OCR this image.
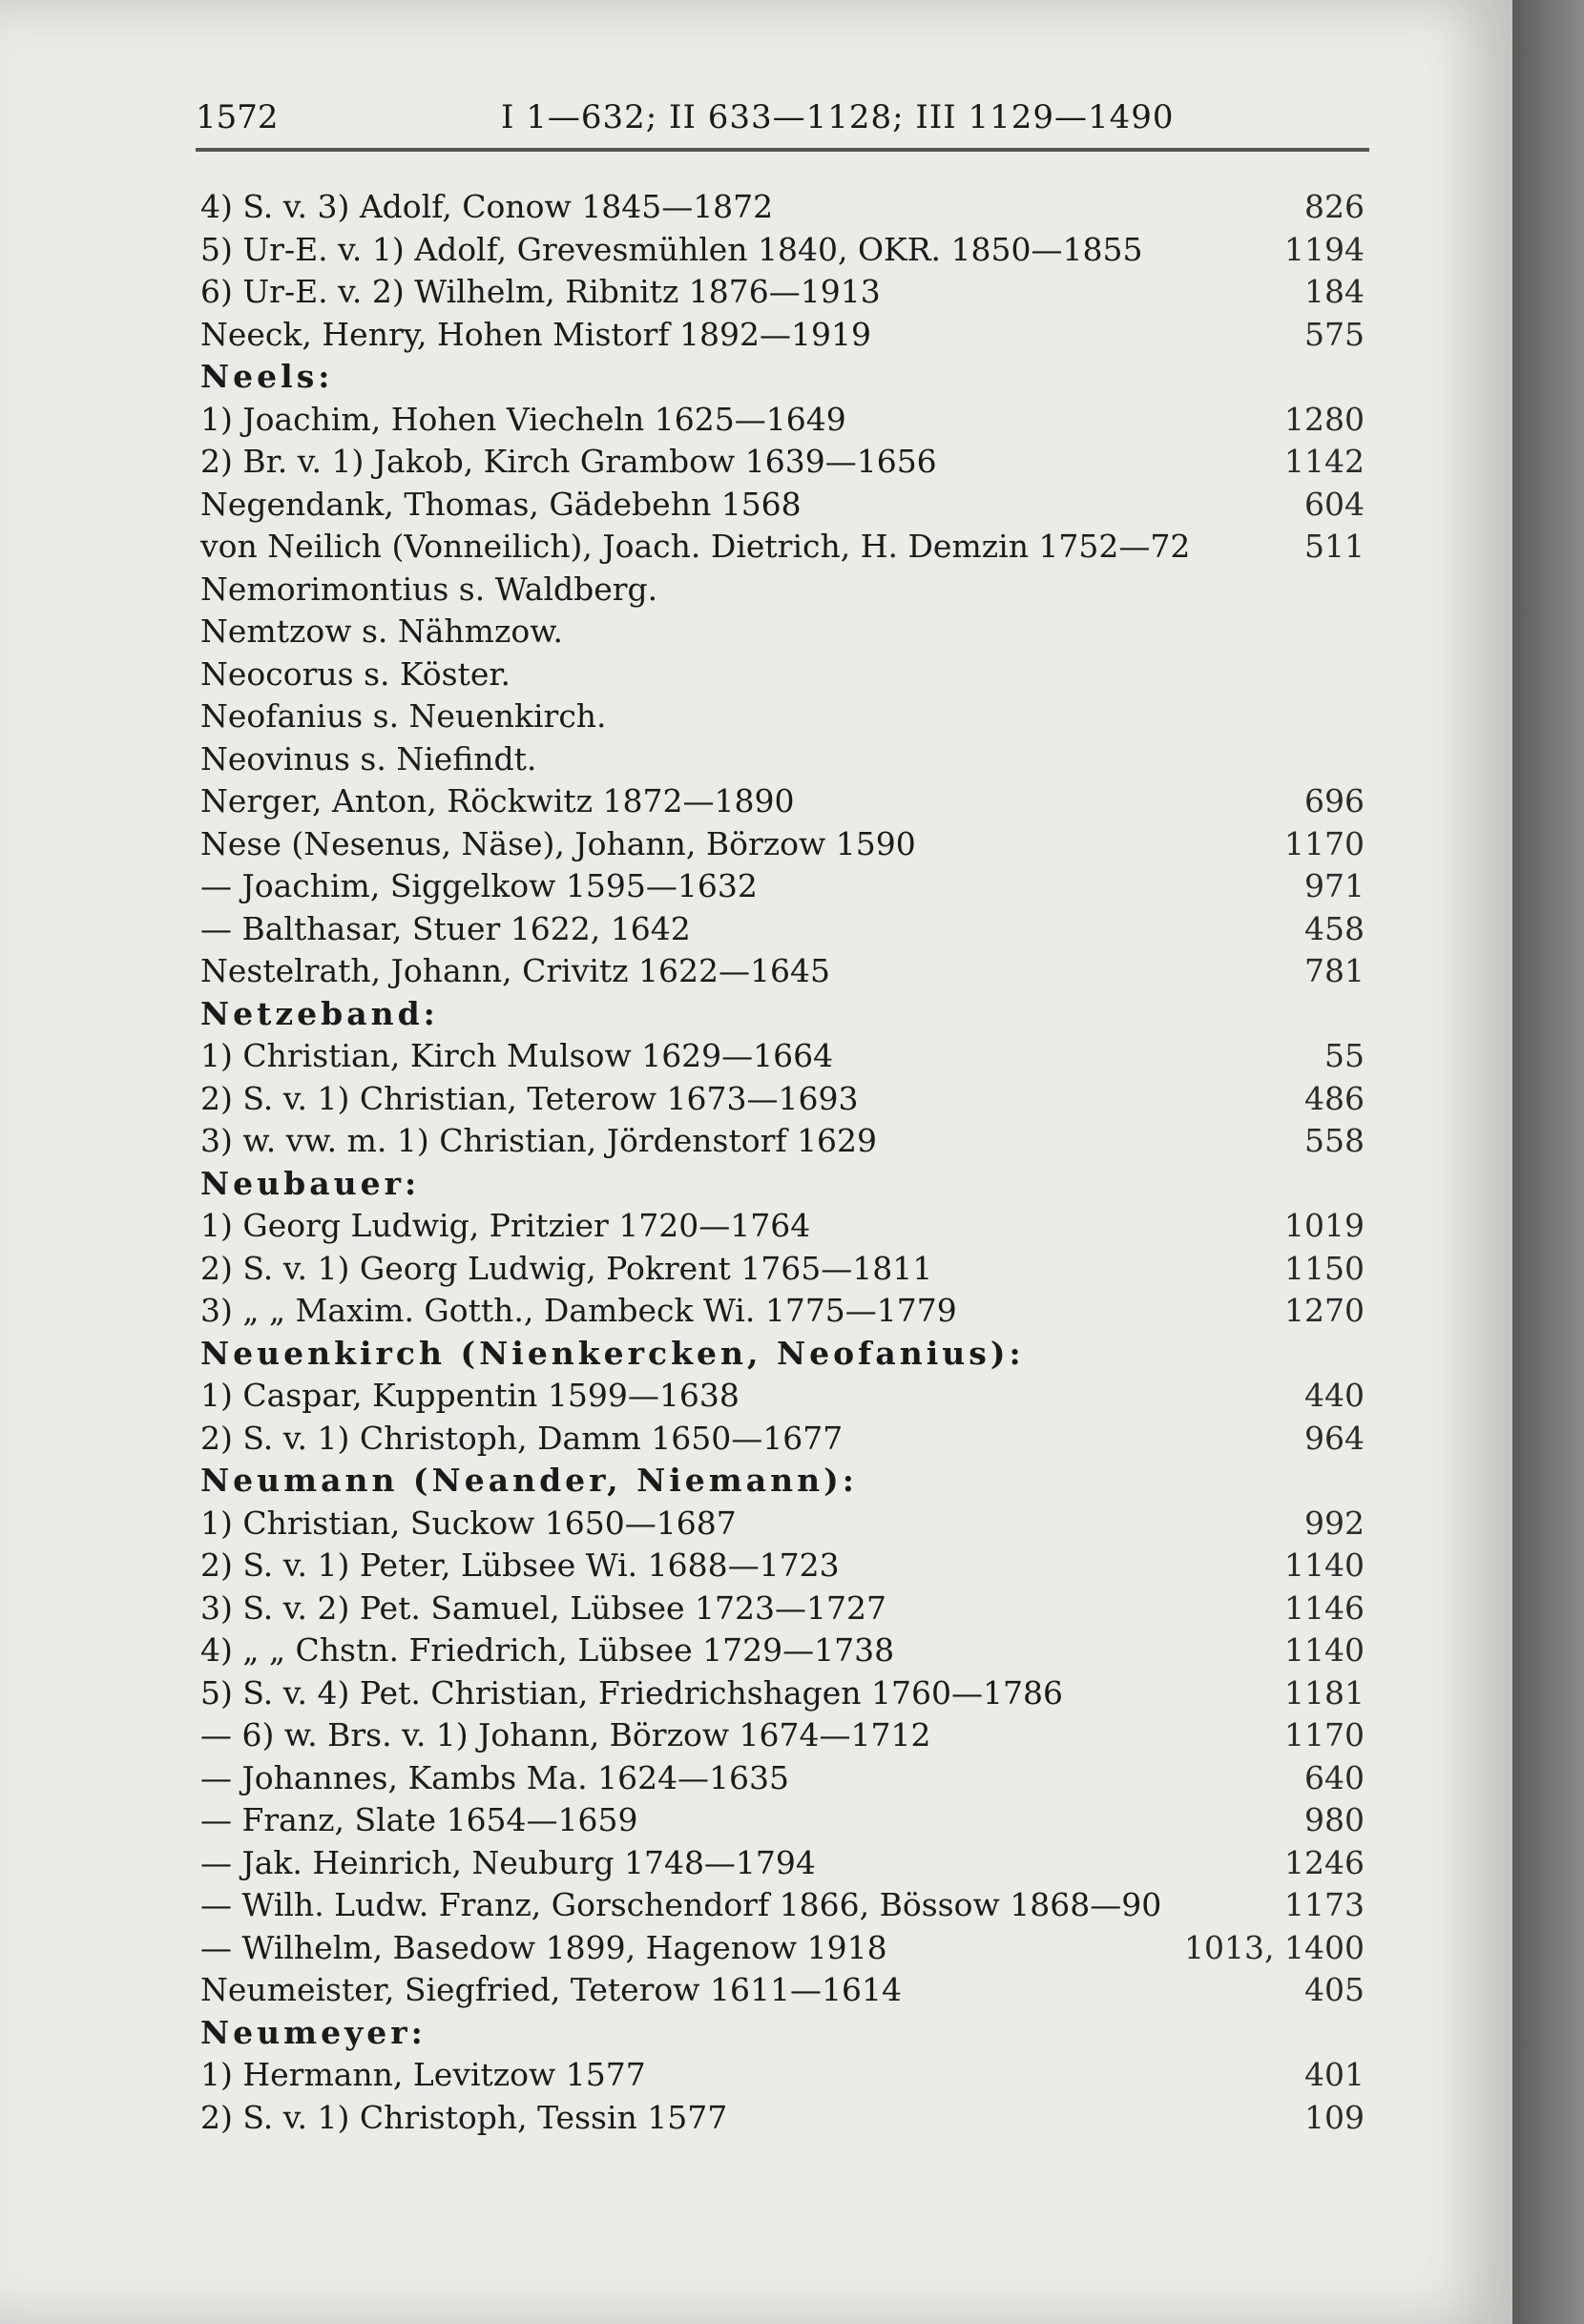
1572	I 1—632; II 633—1128; III 1129—1490
4) S. v. 3) Adolf, Conow 1845—1872	826
5) Ur-E. v. 1) Adolf, Grevesmühlen 1840, OKR. 1850—1855	1194
6) Ur-E. v. 2) Wilhelm, Ribnitz 1876—1913	184
Neeck, Henry, Hohen Mistorf 1892—1919	575
Neels:
1) Joachim, Hohen Viecheln 1625—1649	1280
2) Br. v. 1) Jakob, Kirch Grambow 1639—1656	1142
Negendank, Thomas, Gädebehn 1568	604
von Neilich (Vonneilich), Joach. Dietrich, H. Demzin 1752—72	511
Nemorimontius s. Waldberg.
Nemtzow s. Nähmzow.
Neocorus s. Köster.
Neofanius s. Neuenkirch.
Neovinus s. Niefindt.
Nerger, Anton, Röckwitz 1872—1890	696
Nese (Nesenus, Näse), Johann, Börzow 1590	1170
— Joachim, Siggelkow 1595—1632	971
— Balthasar, Stuer 1622, 1642	458
Nestelrath, Johann, Crivitz 1622—1645	781
Netzeband:
1) Christian, Kirch Mulsow 1629—1664	55
2) S. v. 1) Christian, Teterow 1673—1693	486
3) w. vw. m. 1) Christian, Jördenstorf 1629	558
Neubauer:
1) Georg Ludwig, Pritzier 1720—1764	1019
2) S. v. 1) Georg Ludwig, Pokrent 1765—1811	1150
3) „ „ Maxim. Gotth., Dambeck Wi. 1775—1779	1270
Neuenkirch (Nienkercken, Neofanius):
1) Caspar, Kuppentin 1599—1638	440
2) S. v. 1) Christoph, Damm 1650—1677	964
Neumann (Neander, Niemann):
1) Christian, Suckow 1650—1687	992
2) S. v. 1) Peter, Lübsee Wi. 1688—1723	1140
3) S. v. 2) Pet. Samuel, Lübsee 1723—1727	1146
4) „ „ Chstn. Friedrich, Lübsee 1729—1738	1140
5) S. v. 4) Pet. Christian, Friedrichshagen 1760—1786	1181
— 6) w. Brs. v. 1) Johann, Börzow 1674—1712	1170
— Johannes, Kambs Ma. 1624—1635	640
— Franz, Slate 1654—1659	980
— Jak. Heinrich, Neuburg 1748—1794	1246
— Wilh. Ludw. Franz, Gorschendorf 1866, Bössow 1868—90	1173
— Wilhelm, Basedow 1899, Hagenow 1918	1013, 1400
Neumeister, Siegfried, Teterow 1611—1614	405
Neumeyer:
1) Hermann, Levitzow 1577	401
2) S. v. 1) Christoph, Tessin 1577	109
